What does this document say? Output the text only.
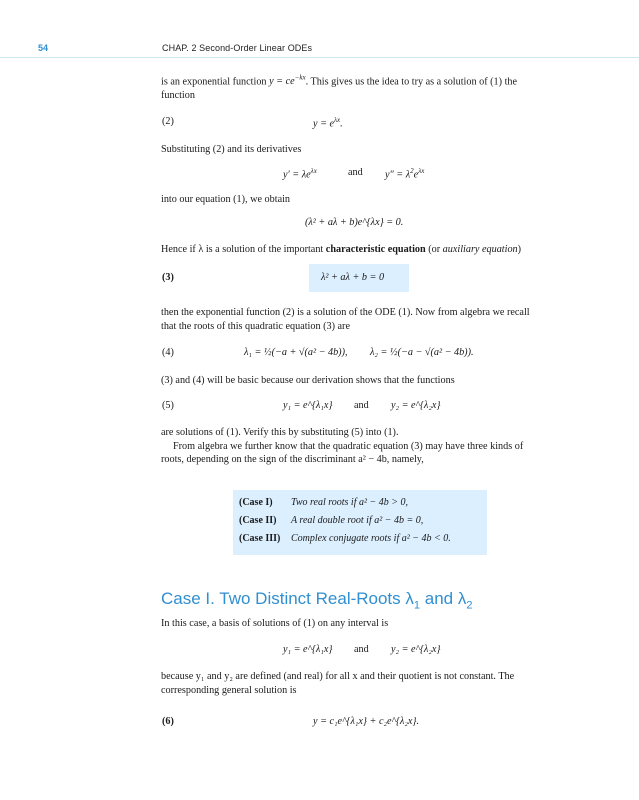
54	CHAP. 2 Second-Order Linear ODEs
is an exponential function $y = ce^{-kx}$. This gives us the idea to try as a solution of (1) the
function
(2)	$y = e^{\lambda x}$.
Substituting (2) and its derivatives
$y' = \lambda e^{\lambda x}$	and $y'' = \lambda^2e^{\lambda x}$
into our equation (1), we obtain
(λ² + aλ + b)e^{λx} = 0.
Hence if λ is a solution of the important characteristic equation (or auxiliary equation)
(3)	λ² + aλ + b = 0
then the exponential function (2) is a solution of the ODE (1). Now from algebra we recall
that the roots of this quadratic equation (3) are
(4)	λ₁ = ½(−a + √(a² − 4b)), λ₂ = ½(−a − √(a² − 4b)).
(3) and (4) will be basic because our derivation shows that the functions
(5)	y₁ = e^{λ₁x} and y₂ = e^{λ₂x}
are solutions of (1). Verify this by substituting (5) into (1).
From algebra we further know that the quadratic equation (3) may have three kinds of
roots, depending on the sign of the discriminant a² − 4b, namely,
(Case I) Two real roots if a² − 4b > 0,
(Case II) A real double root if a² − 4b = 0,
(Case III) Complex conjugate roots if a² − 4b < 0.
Case I. Two Distinct Real-Roots $\lambda_1$ and $\lambda_2$
In this case, a basis of solutions of (1) on any interval is
y₁ = e^{λ₁x} and y₂ = e^{λ₂x}
because y₁ and y₂ are defined (and real) for all x and their quotient is not constant. The
corresponding general solution is
(6)	y = c₁e^{λ₁x} + c₂e^{λ₂x}.
